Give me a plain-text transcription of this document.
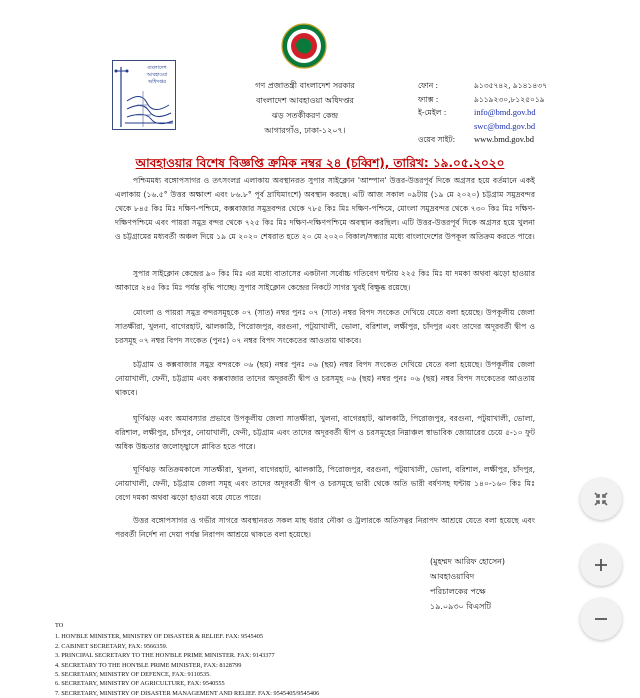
বাংলাদেশ
আবহাওয়া
অধিদপ্তর	গণ প্রজাতন্ত্রী বাংলাদেশ সরকার
বাংলাদেশ আবহাওয়া অধিদপ্তর
ঝড় সতর্কীকরণ কেন্দ্র
আগারগাঁও, ঢাকা-১২০৭।
ফোন :	৯১৩৫৭৪২, ৯১৪১৪৩৭
ফ্যাক্স :	৯১১৯২৩০,৮১২৫০১৯
ই-মেইল :	info@bmd.gov.bd
swc@bmd.gov.bd
ওয়েব সাইট: www.bmd.gov.bd
আবহাওয়ার বিশেষ বিজ্ঞপ্তি ক্রমিক নম্বর ২৪ (চব্বিশ), তারিখ: ১৯.০৫.২০২০
পশ্চিমমধ্য বঙ্গোপসাগর ও তৎসংলগ্ন এলাকায় অবস্থানরত সুপার সাইক্লোন 'আম্পান' উত্তর-উত্তরপূর্ব দিকে অগ্রসর হয়ে বর্তমানে একই এলাকায় (১৬.৫° উত্তর অক্ষাংশ এবং ৮৬.৮° পূর্ব দ্রাঘিমাংশে) অবস্থান করছে। এটি আজ সকাল ০৯টায় (১৯ মে ২০২০) চট্টগ্রাম সমুদ্রবন্দর থেকে ৮৪৫ কিঃ মিঃ দক্ষিণ-পশ্চিমে, কক্সবাজার সমুদ্রবন্দর থেকে ৭৮৫ কিঃ মিঃ দক্ষিণ-পশ্চিমে, মোংলা সমুদ্রবন্দর থেকে ৭৩০ কিঃ মিঃ দক্ষিণ-দক্ষিণপশ্চিমে এবং পায়রা সমুদ্র বন্দর থেকে ৭২৫ কিঃ মিঃ দক্ষিণ-দক্ষিণপশ্চিমে অবস্থান করছিল। এটি উত্তর-উত্তরপূর্ব দিকে অগ্রসর হয়ে খুলনা ও চট্টগ্রামের মধ্যবর্তী অঞ্চল দিয়ে ১৯ মে ২০২০ শেষরাত হতে ২০ মে ২০২০ বিকাল/সন্ধ্যার মধ্যে বাংলাদেশের উপকূল অতিক্রম করতে পারে।
সুপার সাইক্লোন কেন্দ্রের ৯০ কিঃ মিঃ এর মধ্যে বাতাসের একটানা সর্বোচ্চ গতিবেগ ঘন্টায় ২২৫ কিঃ মিঃ যা দমকা অথবা ঝড়ো হাওয়ার আকারে ২৪৫ কিঃ মিঃ পর্যন্ত বৃদ্ধি পাচ্ছে। সুপার সাইক্লোন কেন্দ্রের নিকটে সাগর খুবই বিক্ষুব্ধ রয়েছে।
মোংলা ও পায়রা সমুদ্র বন্দরসমূহকে ০৭ (সাত) নম্বর পুনঃ ০৭ (সাত) নম্বর বিপদ সংকেত দেখিয়ে যেতে বলা হয়েছে। উপকূলীয় জেলা সাতক্ষীরা, খুলনা, বাগেরহাট, ঝালকাঠি, পিরোজপুর, বরগুনা, পটুয়াখালী, ভোলা, বরিশাল, লক্ষীপুর, চাঁদপুর এবং তাদের অদূরবর্তী দ্বীপ ও চরসমূহ ০৭ নম্বর বিপদ সংকেত (পুনঃ) ০৭ নম্বর বিপদ সংকেতের আওতায় থাকবে।
চট্টগ্রাম ও কক্সবাজার সমুদ্র বন্দরকে ০৬ (ছয়) নম্বর পুনঃ ০৬ (ছয়) নম্বর বিপদ সংকেত দেখিয়ে যেতে বলা হয়েছে। উপকূলীয় জেলা নোয়াখালী, ফেনী, চট্টগ্রাম এবং কক্সবাজার তাদের অদূরবর্তী দ্বীপ ও চরসমূহ ০৬ (ছয়) নম্বর পুনঃ ০৬ (ছয়) নম্বর বিপদ সংকেতের আওতায় থাকবে।
ঘূর্ণিঝড় এবং অমাবস্যার প্রভাবে উপকূলীয় জেলা সাতক্ষীরা, খুলনা, বাগেরহাট, ঝালকাঠি, পিরোজপুর, বরগুনা, পটুয়াখালী, ভোলা, বরিশাল, লক্ষীপুর, চাঁদপুর, নোয়াখালী, ফেনী, চট্টগ্রাম এবং তাদের অদূরবর্তী দ্বীপ ও চরসমূহের নিম্নাঞ্চল স্বাভাবিক জোয়ারের চেয়ে ৫-১০ ফুট অধিক উচ্চতার জলোচ্ছ্বাসে প্লাবিত হতে পারে।
ঘূর্ণিঝড় অতিক্রমকালে সাতক্ষীরা, খুলনা, বাগেরহাট, ঝালকাঠি, পিরোজপুর, বরগুনা, পটুয়াখালী, ভোলা, বরিশাল, লক্ষীপুর, চাঁদপুর, নোয়াখালী, ফেনী, চট্টগ্রাম জেলা সমূহ এবং তাদের অদূরবর্তী দ্বীপ ও চরসমূহে ভারী থেকে অতি ভারী বর্ষণসহ ঘন্টায় ১৪০-১৬০ কিঃ মিঃ বেগে দমকা অথবা ঝড়ো হাওয়া বয়ে যেতে পারে।
উত্তর বঙ্গোপসাগর ও গভীর সাগরে অবস্থানরত সকল মাছ ধরার নৌকা ও ট্রলারকে অতিসত্বর নিরাপদ আশ্রয়ে যেতে বলা হয়েছে এবং পরবর্তী নির্দেশ না দেয়া পর্যন্ত নিরাপদ আশ্রয়ে থাকতে বলা হয়েছে।
(মুহম্মদ আরিফ হোসেন)
আবহাওয়াবিদ
পরিচালকের পক্ষে
১৯.০৯৩০ বিএসটি
TO
1. HON'BLE MINISTER, MINISTRY OF DISASTER & RELIEF. FAX: 9545405
2. CABINET SECRETARY, FAX: 9566359.
3. PRINCIPAL SECRETARY TO THE HON'BLE PRIME MINISTER. FAX: 9143377
4. SECRETARY TO THE HON'BLE PRIME MINISTER, FAX: 8128799
5. SECRETARY, MINISTRY OF DEFENCE, FAX: 9110535.
6. SECRETARY, MINISTRY OF AGRICULTURE, FAX: 9540555
7. SECRETARY, MINISTRY OF DISASTER MANAGEMENT AND RELIEF. FAX: 9545405/9545406
